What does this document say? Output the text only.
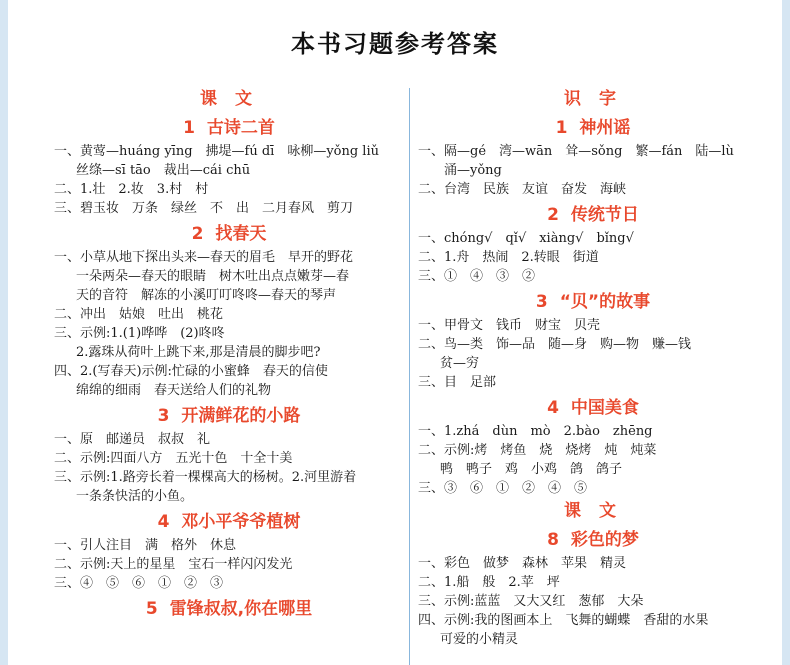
本书习题参考答案
课 文
1 古诗二首
一、黄莺—huáng yīng　拂堤—fú dī　咏柳—yǒng liǔ
丝绦—sī tāo　裁出—cái chū
二、1.壮　2.妆　3.村　村
三、碧玉妆　万条　绿丝　不　出　二月春风　剪刀
2 找春天
一、小草从地下探出头来—春天的眉毛　早开的野花
一朵两朵—春天的眼睛　树木吐出点点嫩芽—春
天的音符　解冻的小溪叮叮咚咚—春天的琴声
二、冲出　姑娘　吐出　桃花
三、示例:1.(1)哗哗　(2)咚咚
2.露珠从荷叶上跳下来,那是清晨的脚步吧?
四、2.(写春天)示例:忙碌的小蜜蜂　春天的信使
绵绵的细雨　春天送给人们的礼物
3 开满鲜花的小路
一、原　邮递员　叔叔　礼
二、示例:四面八方　五光十色　十全十美
三、示例:1.路旁长着一棵棵高大的杨树。2.河里游着
一条条快活的小鱼。
4 邓小平爷爷植树
一、引人注目　满　格外　休息
二、示例:天上的星星　宝石一样闪闪发光
三、④　⑤　⑥　①　②　③
5 雷锋叔叔,你在哪里
识 字
1 神州谣
一、隔—gé　湾—wān　耸—sǒng　繁—fán　陆—lù
涌—yǒng
二、台湾　民族　友谊　奋发　海峡
2 传统节日
一、chóng√　qǐ√　xiàng√　bǐng√
二、1.舟　热闹　2.转眼　街道
三、①　④　③　②
3 “贝”的故事
一、甲骨文　钱币　财宝　贝壳
二、鸟—类　饰—品　随—身　购—物　赚—钱
贫—穷
三、目　足部
4 中国美食
一、1.zhá　dùn　mò　2.bào　zhēng
二、示例:烤　烤鱼　烧　烧烤　炖　炖菜
鸭　鸭子　鸡　小鸡　鸽　鸽子
三、③　⑥　①　②　④　⑤
课 文
8 彩色的梦
一、彩色　做梦　森林　苹果　精灵
二、1.船　般　2.苹　坪
三、示例:蓝蓝　又大又红　葱郁　大朵
四、示例:我的图画本上　飞舞的蝴蝶　香甜的水果
可爱的小精灵
